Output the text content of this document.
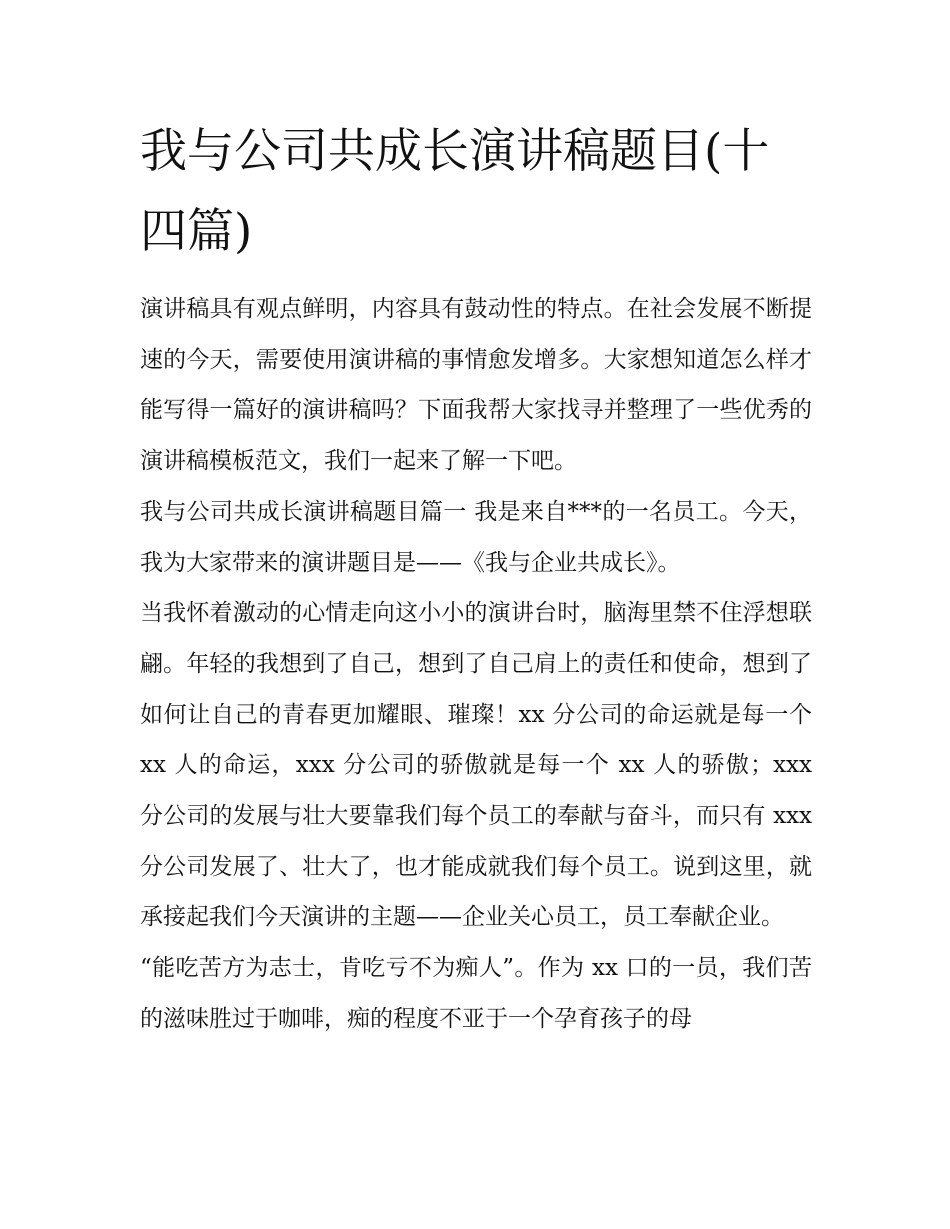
我与公司共成长演讲稿题目(十四篇)

演讲稿具有观点鲜明，内容具有鼓动性的特点。在社会发展不断提速的今天，需要使用演讲稿的事情愈发增多。大家想知道怎么样才能写得一篇好的演讲稿吗？下面我帮大家找寻并整理了一些优秀的演讲稿模板范文，我们一起来了解一下吧。

我与公司共成长演讲稿题目篇一 我是来自***的一名员工。今天，我为大家带来的演讲题目是——《我与企业共成长》。

当我怀着激动的心情走向这小小的演讲台时，脑海里禁不住浮想联翩。年轻的我想到了自己，想到了自己肩上的责任和使命，想到了如何让自己的青春更加耀眼、璀璨！xx 分公司的命运就是每一个 xx 人的命运，xxx 分公司的骄傲就是每一个 xx 人的骄傲；xxx 分公司的发展与壮大要靠我们每个员工的奉献与奋斗，而只有 xxx 分公司发展了、壮大了，也才能成就我们每个员工。说到这里，就承接起我们今天演讲的主题——企业关心员工，员工奉献企业。

“能吃苦方为志士，肯吃亏不为痴人”。作为 xx 口的一员，我们苦的滋味胜过于咖啡，痴的程度不亚于一个孕育孩子的母
